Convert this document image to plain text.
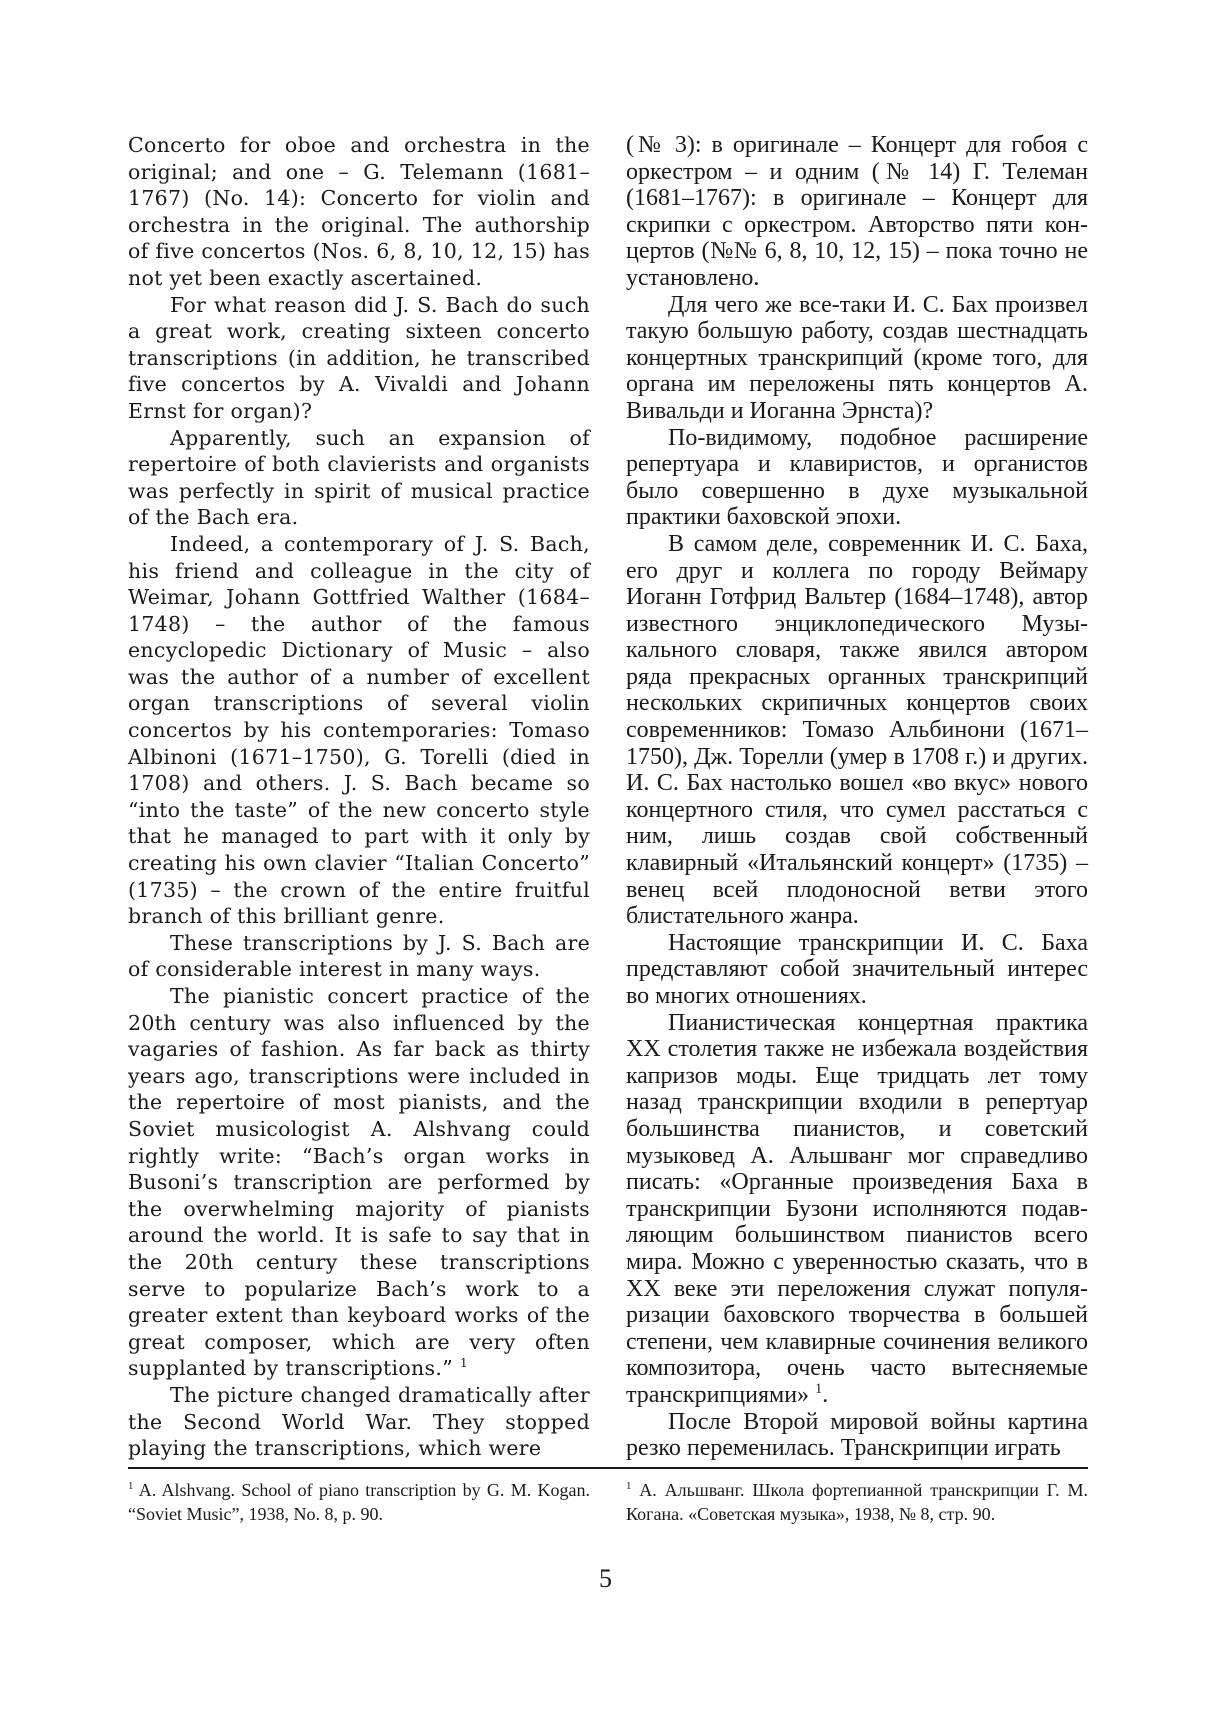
Concerto for oboe and orchestra in the original; and one – G. Telemann (1681–1767) (No. 14): Concerto for violin and orchestra in the original. The authorship of five concertos (Nos. 6, 8, 10, 12, 15) has not yet been exactly ascertained.

For what reason did J. S. Bach do such a great work, creating sixteen concerto transcriptions (in addition, he transcribed five concertos by A. Vivaldi and Johann Ernst for organ)?

Apparently, such an expansion of repertoire of both clavierists and organists was perfectly in spirit of musical practice of the Bach era.

Indeed, a contemporary of J. S. Bach, his friend and colleague in the city of Weimar, Johann Gottfried Walther (1684–1748) – the author of the famous encyclopedic Dictionary of Music – also was the author of a number of excellent organ transcriptions of several violin concertos by his contemporaries: Tomaso Albinoni (1671–1750), G. Torelli (died in 1708) and others. J. S. Bach became so “into the taste” of the new concerto style that he managed to part with it only by creating his own clavier “Italian Concerto” (1735) – the crown of the entire fruitful branch of this brilliant genre.

These transcriptions by J. S. Bach are of considerable interest in many ways.

The pianistic concert practice of the 20th century was also influenced by the vagaries of fashion. As far back as thirty years ago, transcriptions were included in the repertoire of most pianists, and the Soviet musicologist A. Alshvang could rightly write: “Bach’s organ works in Busoni’s transcription are performed by the overwhelming majority of pianists around the world. It is safe to say that in the 20th century these transcriptions serve to popularize Bach’s work to a greater extent than keyboard works of the great composer, which are very often supplanted by transcriptions.” $^1$

The picture changed dramatically after the Second World War. They stopped playing the transcriptions, which were

(№ 3): в оригинале – Концерт для гобоя с оркестром – и одним (№ 14) Г. Телеман (1681–1767): в оригинале – Концерт для скрипки с оркестром. Авторство пяти концертов (№№ 6, 8, 10, 12, 15) – пока точно не установлено.

Для чего же все-таки И. С. Бах произвел такую большую работу, создав шестнадцать концертных транскрипций (кроме того, для органа им переложены пять концертов А. Вивальди и Иоганна Эрнста)?

По-видимому, подобное расширение репертуара и клавиристов, и органистов было совершенно в духе музыкальной практики баховской эпохи.

В самом деле, современник И. С. Баха, его друг и коллега по городу Веймару Иоганн Готфрид Вальтер (1684–1748), автор известного энциклопедического Музыкального словаря, также явился автором ряда прекрасных органных транскрипций нескольких скрипичных концертов своих современников: Томазо Альбинони (1671–1750), Дж. Торелли (умер в 1708 г.) и других. И. С. Бах настолько вошел «во вкус» нового концертного стиля, что сумел расстаться с ним, лишь создав свой собственный клавирный «Итальянский концерт» (1735) – венец всей плодоносной ветви этого блистательного жанра.

Настоящие транскрипции И. С. Баха представляют собой значительный интерес во многих отношениях.

Пианистическая концертная практика XX столетия также не избежала воздействия капризов моды. Еще тридцать лет тому назад транскрипции входили в репертуар большинства пианистов, и советский музыковед А. Альшванг мог справедливо писать: «Органные произведения Баха в транскрипции Бузони исполняются подавляющим большинством пианистов всего мира. Можно с уверенностью сказать, что в XX веке эти переложения служат популяризации баховского творчества в большей степени, чем клавирные сочинения великого композитора, очень часто вытесняемые транскрипциями» $^1$.

После Второй мировой войны картина резко переменилась. Транскрипции играть

$^1$ A. Alshvang. School of piano transcription by G. M. Kogan. “Soviet Music”, 1938, No. 8, p. 90.
$^1$ А. Альшванг. Школа фортепианной транскрипции Г. М. Когана. «Советская музыка», 1938, № 8, стр. 90.
5
